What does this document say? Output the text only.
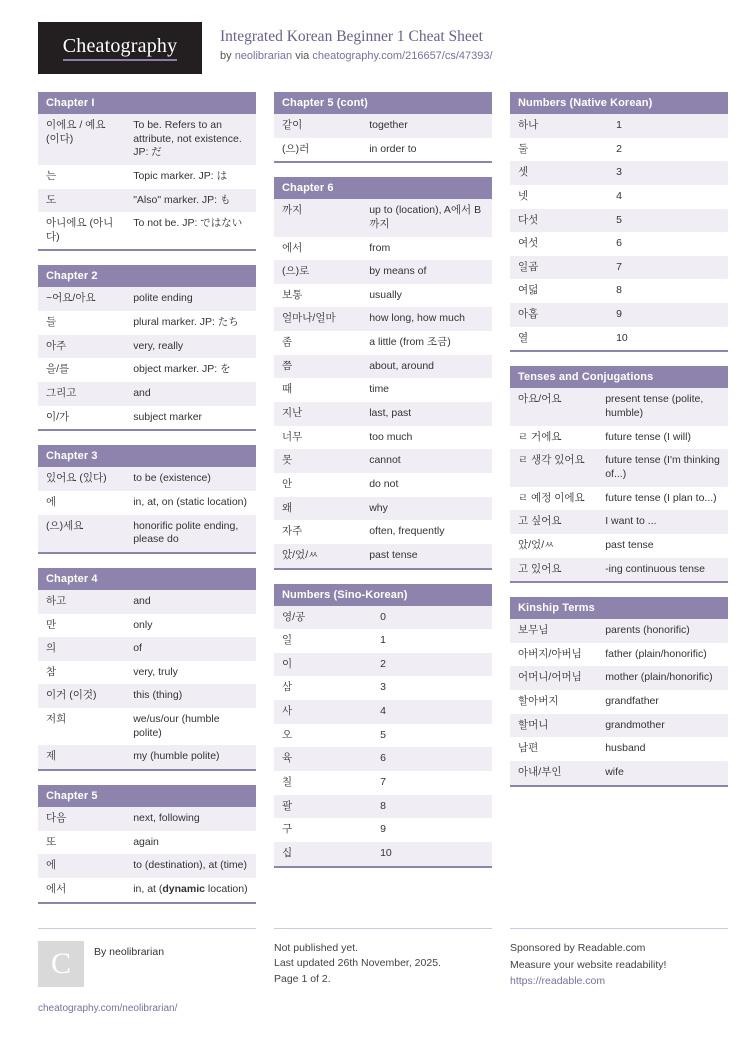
Cheatography	Integrated Korean Beginner 1 Cheat Sheet
by neolibrarian via cheatography.com/216657/cs/47393/
Chapter I
이에요 / 예요 (이다)	To be. Refers to an attribute, not existence. JP: だ
는	Topic marker. JP: は
도	"Also" marker. JP: も
아니에요 (아니다)	To not be. JP: ではない
Chapter 2
~어요/아요	polite ending
들	plural marker. JP: たち
아주	very, really
을/를	object marker. JP: を
그리고	and
이/가	subject marker
Chapter 3
있어요 (있다)	to be (existence)
에	in, at, on (static location)
(으)세요	honorific polite ending, please do
Chapter 4
하고	and
만	only
의	of
참	very, truly
이거 (이것)	this (thing)
저희	we/us/our (humble polite)
제	my (humble polite)
Chapter 5
다음	next, following
또	again
에	to (destination), at (time)
에서	in, at (dynamic location)
Chapter 5 (cont)
같이	together
(으)러	in order to
Chapter 6
까지	up to (location), A에서 B까지
에서	from
(으)로	by means of
보통	usually
얼마나/얼마	how long, how much
좀	a little (from 조금)
쯤	about, around
때	time
지난	last, past
너무	too much
못	cannot
안	do not
왜	why
자주	often, frequently
았/었/ㅆ	past tense
Numbers (Sino-Korean)
영/공	0
일	1
이	2
삼	3
사	4
오	5
육	6
칠	7
팔	8
구	9
십	10
Numbers (Native Korean)
하나	1
둘	2
셋	3
넷	4
다섯	5
여섯	6
일곱	7
여덟	8
아홉	9
열	10
Tenses and Conjugations
아요/어요	present tense (polite, humble)
ㄹ 거에요	future tense (I will)
ㄹ 생각 있어요	future tense (I'm thinking of...)
ㄹ 예정 이에요	future tense (I plan to...)
고 싶어요	I want to ...
았/었/ㅆ	past tense
고 있어요	-ing continuous tense
Kinship Terms
보무님	parents (honorific)
아버지/아버님	father (plain/honorific)
어머니/어머님	mother (plain/honorific)
할아버지	grandfather
할머니	grandmother
남편	husband
아내/부인	wife
C	By neolibrarian
cheatography.com/neolibrarian/
Not published yet.
Last updated 26th November, 2025.
Page 1 of 2.
Sponsored by Readable.com
Measure your website readability!
https://readable.com
